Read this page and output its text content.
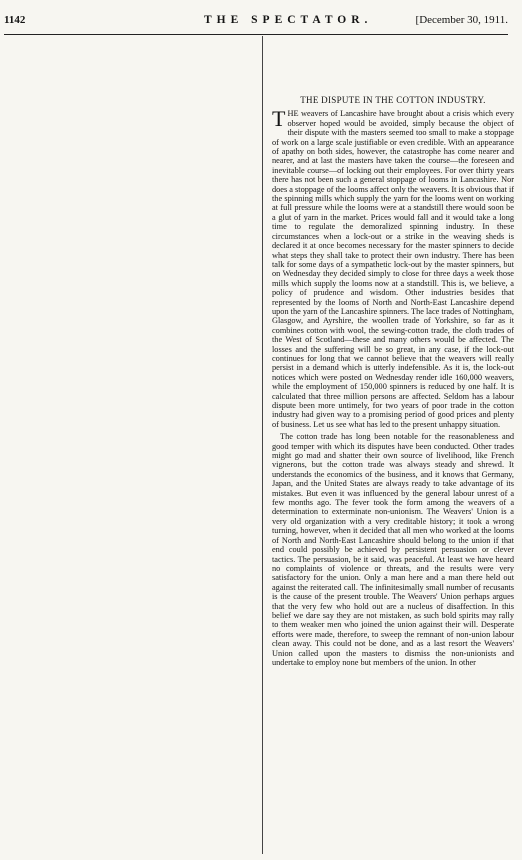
1142	THE SPECTATOR.	[December 30, 1911.
THE DISPUTE IN THE COTTON INDUSTRY.

THE weavers of Lancashire have brought about a crisis which every observer hoped would be avoided, simply because the object of their dispute with the masters seemed too small to make a stoppage of work on a large scale justifiable or even credible. With an appearance of apathy on both sides, however, the catastrophe has come nearer and nearer, and at last the masters have taken the course—the foreseen and inevitable course—of locking out their employees. For over thirty years there has not been such a general stoppage of looms in Lancashire. Nor does a stoppage of the looms affect only the weavers. It is obvious that if the spinning mills which supply the yarn for the looms went on working at full pressure while the looms were at a standstill there would soon be a glut of yarn in the market. Prices would fall and it would take a long time to regulate the demoralized spinning industry. In these circumstances when a lock-out or a strike in the weaving sheds is declared it at once becomes necessary for the master spinners to decide what steps they shall take to protect their own industry. There has been talk for some days of a sympathetic lock-out by the master spinners, but on Wednesday they decided simply to close for three days a week those mills which supply the looms now at a standstill. This is, we believe, a policy of prudence and wisdom. Other industries besides that represented by the looms of North and North-East Lancashire depend upon the yarn of the Lancashire spinners. The lace trades of Nottingham, Glasgow, and Ayrshire, the woollen trade of Yorkshire, so far as it combines cotton with wool, the sewing-cotton trade, the cloth trades of the West of Scotland—these and many others would be affected. The losses and the suffering will be so great, in any case, if the lock-out continues for long that we cannot believe that the weavers will really persist in a demand which is utterly indefensible. As it is, the lock-out notices which were posted on Wednesday render idle 160,000 weavers, while the employment of 150,000 spinners is reduced by one half. It is calculated that three million persons are affected. Seldom has a labour dispute been more untimely, for two years of poor trade in the cotton industry had given way to a promising period of good prices and plenty of business. Let us see what has led to the present unhappy situation.

The cotton trade has long been notable for the reasonableness and good temper with which its disputes have been conducted. Other trades might go mad and shatter their own source of livelihood, like French vignerons, but the cotton trade was always steady and shrewd. It understands the economics of the business, and it knows that Germany, Japan, and the United States are always ready to take advantage of its mistakes. But even it was influenced by the general labour unrest of a few months ago. The fever took the form among the weavers of a determination to exterminate non-unionism. The Weavers' Union is a very old organization with a very creditable history; it took a wrong turning, however, when it decided that all men who worked at the looms of North and North-East Lancashire should belong to the union if that end could possibly be achieved by persistent persuasion or clever tactics. The persuasion, be it said, was peaceful. At least we have heard no complaints of violence or threats, and the results were very satisfactory for the union. Only a man here and a man there held out against the reiterated call. The infinitesimally small number of recusants is the cause of the present trouble. The Weavers' Union perhaps argues that the very few who hold out are a nucleus of disaffection. In this belief we dare say they are not mistaken, as such bold spirits may rally to them weaker men who joined the union against their will. Desperate efforts were made, therefore, to sweep the remnant of non-union labour clean away. This could not be done, and as a last resort the Weavers' Union called upon the masters to dismiss the non-unionists and undertake to employ none but members of the union. In other
